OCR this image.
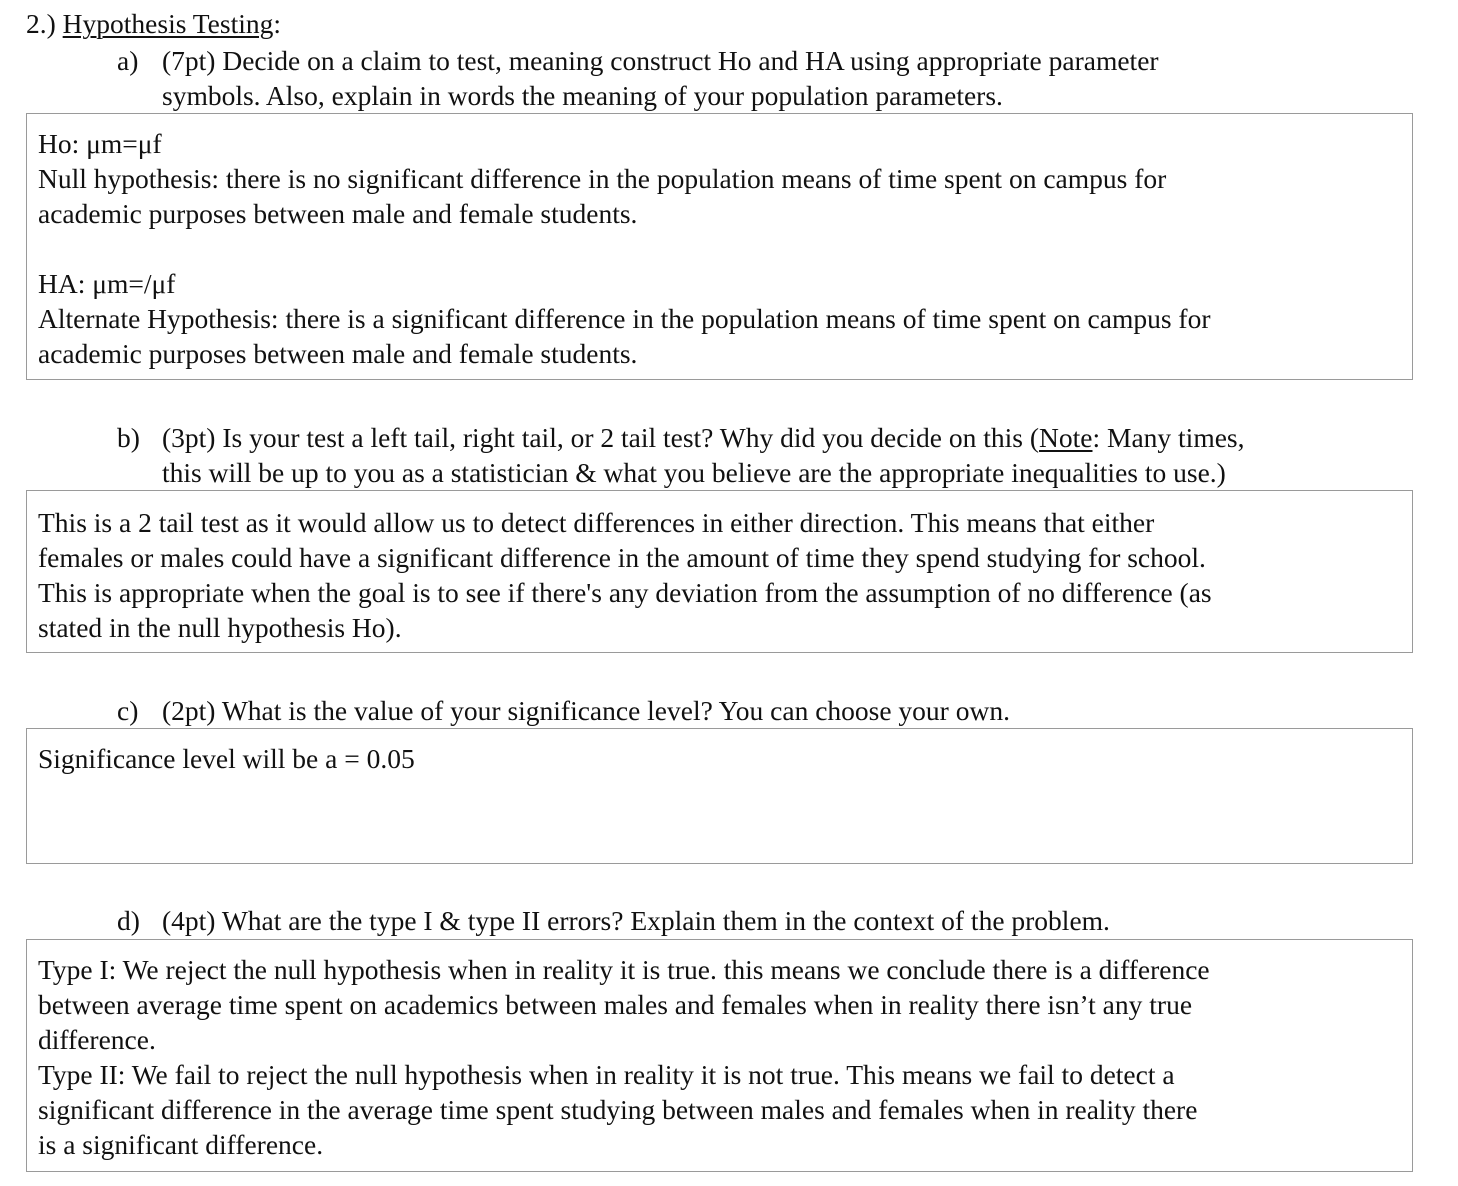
2.) Hypothesis Testing:
a) (7pt) Decide on a claim to test, meaning construct Ho and HA using appropriate parameter
symbols. Also, explain in words the meaning of your population parameters.
Ho: μm=μf
Null hypothesis: there is no significant difference in the population means of time spent on campus for
academic purposes between male and female students.
HA: μm=/μf
Alternate Hypothesis: there is a significant difference in the population means of time spent on campus for
academic purposes between male and female students.
b) (3pt) Is your test a left tail, right tail, or 2 tail test? Why did you decide on this (Note: Many times,
this will be up to you as a statistician & what you believe are the appropriate inequalities to use.)
This is a 2 tail test as it would allow us to detect differences in either direction. This means that either
females or males could have a significant difference in the amount of time they spend studying for school.
This is appropriate when the goal is to see if there's any deviation from the assumption of no difference (as
stated in the null hypothesis Ho).
c) (2pt) What is the value of your significance level? You can choose your own.
Significance level will be a = 0.05
d) (4pt) What are the type I & type II errors? Explain them in the context of the problem.
Type I: We reject the null hypothesis when in reality it is true. this means we conclude there is a difference
between average time spent on academics between males and females when in reality there isn’t any true
difference.
Type II: We fail to reject the null hypothesis when in reality it is not true. This means we fail to detect a
significant difference in the average time spent studying between males and females when in reality there
is a significant difference.
